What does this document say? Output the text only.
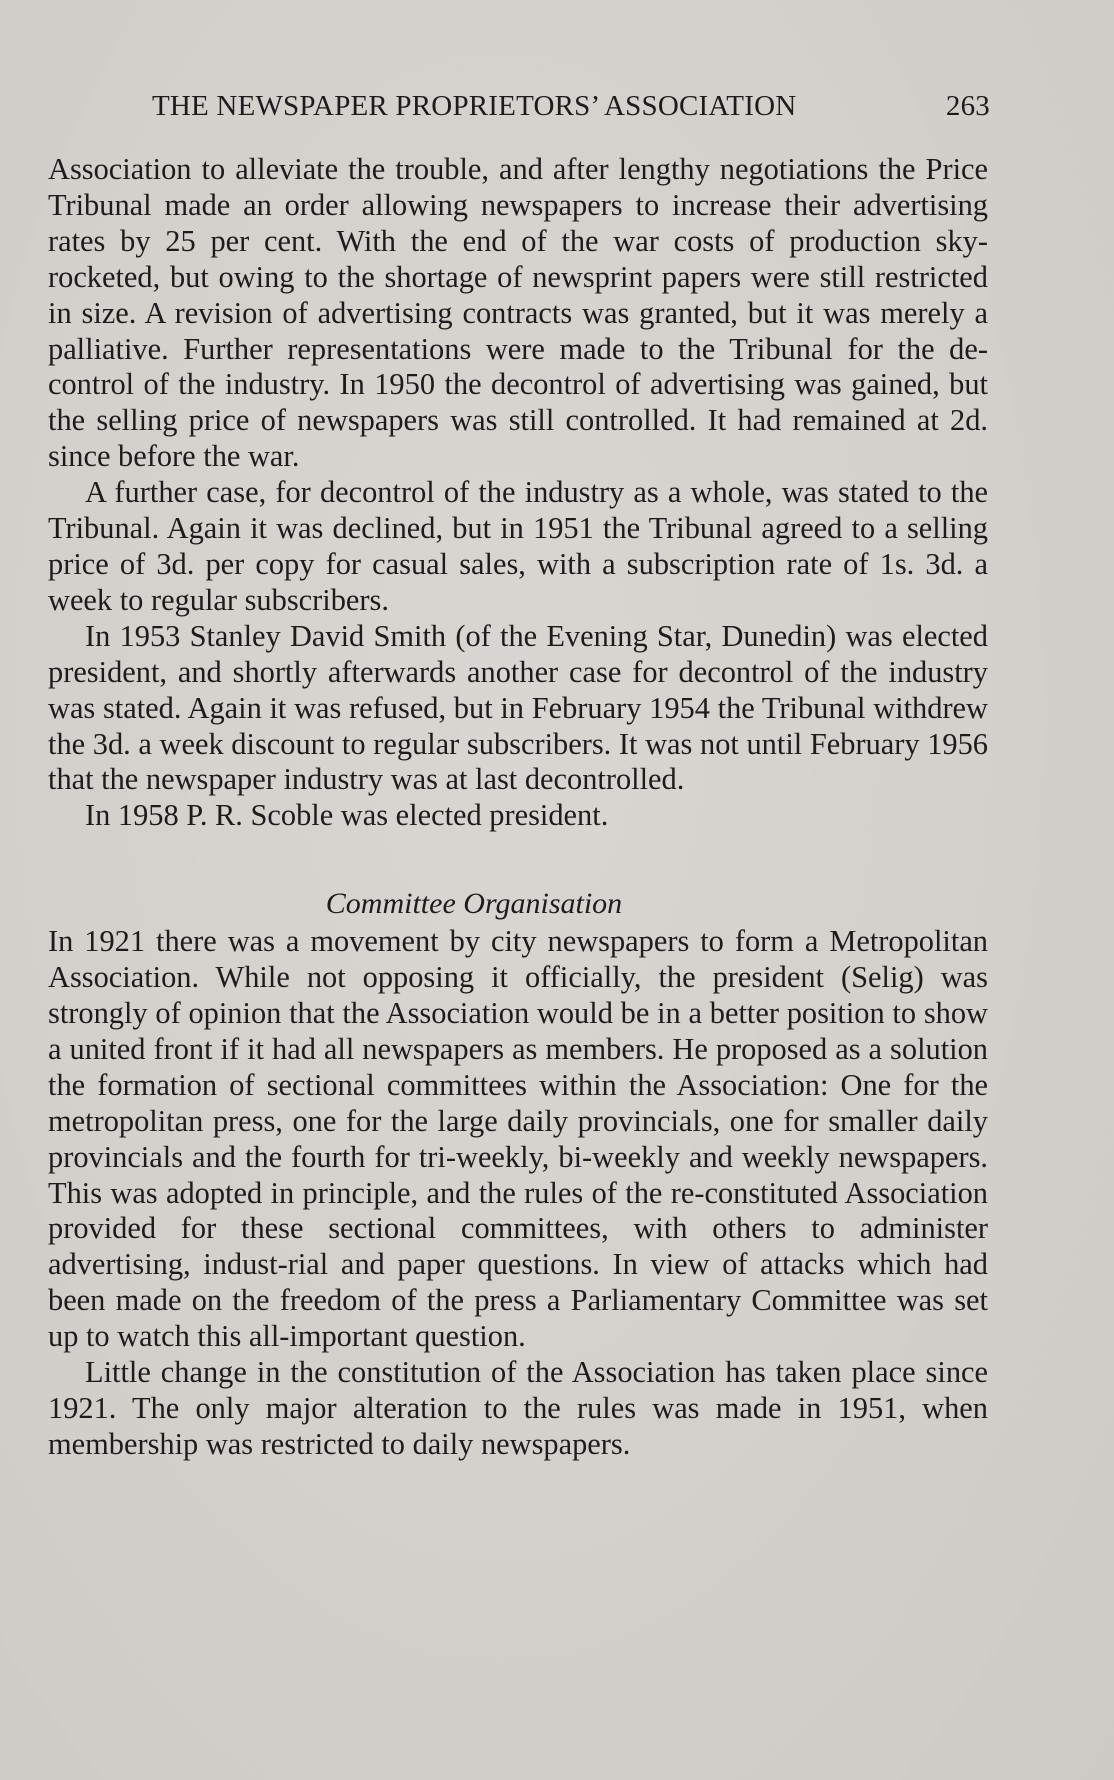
THE NEWSPAPER PROPRIETORS’ ASSOCIATION	263

Association to alleviate the trouble, and after lengthy negotiations the Price Tribunal made an order allowing newspapers to increase their advertising rates by 25 per cent. With the end of the war costs of production sky-rocketed, but owing to the shortage of newsprint papers were still restricted in size. A revision of advertising contracts was granted, but it was merely a palliative. Further representations were made to the Tribunal for the de-control of the industry. In 1950 the decontrol of advertising was gained, but the selling price of newspapers was still controlled. It had remained at 2d. since before the war.

A further case, for decontrol of the industry as a whole, was stated to the Tribunal. Again it was declined, but in 1951 the Tribunal agreed to a selling price of 3d. per copy for casual sales, with a subscription rate of 1s. 3d. a week to regular subscribers.

In 1953 Stanley David Smith (of the Evening Star, Dunedin) was elected president, and shortly afterwards another case for decontrol of the industry was stated. Again it was refused, but in February 1954 the Tribunal withdrew the 3d. a week discount to regular subscribers. It was not until February 1956 that the newspaper industry was at last decontrolled.

In 1958 P. R. Scoble was elected president.

Committee Organisation

In 1921 there was a movement by city newspapers to form a Metropolitan Association. While not opposing it officially, the president (Selig) was strongly of opinion that the Association would be in a better position to show a united front if it had all newspapers as members. He proposed as a solution the formation of sectional committees within the Association: One for the metropolitan press, one for the large daily provincials, one for smaller daily provincials and the fourth for tri-weekly, bi-weekly and weekly newspapers. This was adopted in principle, and the rules of the re-constituted Association provided for these sectional committees, with others to administer advertising, indust-rial and paper questions. In view of attacks which had been made on the freedom of the press a Parliamentary Committee was set up to watch this all-important question.

Little change in the constitution of the Association has taken place since 1921. The only major alteration to the rules was made in 1951, when membership was restricted to daily newspapers.
